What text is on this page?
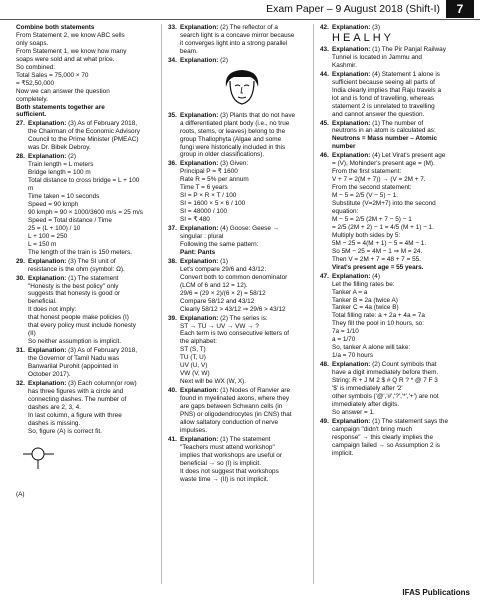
Exam Paper – 9 August 2018 (Shift-I)	7
Combine both statements
From Statement 2, we know ABC sells
only soaps.
From Statement 1, we know how many
soaps were sold and at what price.
So combined:
Total Sales = 75,000 × 70
= ₹52,50,000
Now we can answer the question
completely.
Both statements together are
sufficient.
27. Explanation: (3) As of February 2018,
the Chairman of the Economic Advisory
Council to the Prime Minister (PMEAC)
was Dr. Bibek Debroy.
28. Explanation: (2)
Train length = L meters
Bridge length = 100 m
Total distance to cross bridge = L + 100
m
Time taken = 10 seconds
Speed = 90 kmph
90 kmph = 90 × 1000/3600 m/s = 25 m/s
Speed = Total distance / Time
25 = (L + 100) / 10
L + 100 = 250
L = 150 m
The length of the train is 150 meters.
29. Explanation: (3) The SI unit of
resistance is the ohm (symbol: Ω).
30. Explanation: (1) The statement
"Honesty is the best policy" only
suggests that honesty is good or
beneficial.
It does not imply:
that honest people make policies (I)
that every policy must include honesty
(II)
So neither assumption is implicit.
31. Explanation: (3) As of February 2018,
the Governor of Tamil Nadu was
Banwarilal Purohit (appointed in
October 2017).
32. Explanation: (3) Each column(or row)
has three figures with a circle and
connecting dashes. The number of
dashes are 2, 3, 4.
In last column, a figure with three
dashes is missing.
So, figure (A) is correct fit.
(A)
33. Explanation: (2) The reflector of a
search light is a concave mirror because
it converges light into a strong parallel
beam.
34. Explanation: (2)
35. Explanation: (3) Plants that do not have
a differentiated plant body (i.e., no true
roots, stems, or leaves) belong to the
group Thallophyta (Algae and some
fungi were historically included in this
group in older classifications).
36. Explanation: (3) Given:
Principal P = ₹ 1600
Rate R = 5% per annum
Time T = 6 years
SI = P × R × T / 100
SI = 1600 × 5 × 6 / 100
SI = 48000 / 100
SI = ₹ 480
37. Explanation: (4) Goose: Geese →
singular : plural
Following the same pattern:
Pant: Pants
38. Explanation: (1)
Let's compare 29/6 and 43/12:
Convert both to common denominator
(LCM of 6 and 12 = 12).
29/6 = (29 × 2)/(6 × 2) = 58/12
Compare 58/12 and 43/12
Clearly 58/12 > 43/12 ⇒ 29/6 > 43/12
39. Explanation: (2) The series is:
ST → TU → UV → VW → ?
Each term is two consecutive letters of
the alphabet:
ST (S, T)
TU (T, U)
UV (U, V)
VW (V, W)
Next will be WX (W, X).
40. Explanation: (1) Nodes of Ranvier are
found in myelinated axons, where they
are gaps between Schwann cells (in
PNS) or oligodendrocytes (in CNS) that
allow saltatory conduction of nerve
impulses.
41. Explanation: (1) The statement
"Teachers must attend workshop"
implies that workshops are useful or
beneficial → so (I) is implicit.
It does not suggest that workshops
waste time → (II) is not implicit.
42. Explanation: (3)
HEALHY
43. Explanation: (1) The Pir Panjal Railway
Tunnel is located in Jammu and
Kashmir.
44. Explanation: (4) Statement 1 alone is
sufficient because seeing all parts of
India clearly implies that Raju travels a
lot and is fond of travelling, whereas
statement 2 is unrelated to travelling
and cannot answer the question.
45. Explanation: (1) The number of
neutrons in an atom is calculated as:
Neutrons = Mass number – Atomic
number
46. Explanation: (4) Let Virat's present age
= (V), Mohinder's present age = (M).
From the first statement:
V + 7 = 2(M + 7)) → (V = 2M + 7.
From the second statement:
M − 5 = 2/5 (V − 5) − 1.
Substitute (V=2M+7) into the second
equation:
M − 5 = 2/5 (2M + 7 − 5) − 1
= 2/5 (2M + 2) − 1 = 4/5 (M + 1) − 1.
Multiply both sides by 5:
5M − 25 = 4(M + 1) − 5 = 4M − 1.
So 5M − 25 = 4M − 1 ⇒ M = 24.
Then V = 2M + 7 = 48 + 7 = 55.
Virat's present age = 55 years.
47. Explanation: (4)
Let the filling rates be:
Tanker A = a
Tanker B = 2a (twice A)
Tanker C = 4a (twice B)
Total filling rate: a + 2a + 4a = 7a
They fill the pool in 10 hours, so:
7a = 1/10
a = 1/70
So, tanker A alone will take:
1/a = 70 hours
48. Explanation: (2) Count symbols that
have a digit immediately before them.
String: R + J M 2 $ # Q R ? * @ 7 F 3
'$' is immediately after '2'
other symbols ('@','#','?','*','+') are not
immediately after digits.
So answer = 1.
49. Explanation: (1) The statement says the
campaign "didn't bring much
response" → this clearly implies the
campaign failed → so Assumption 2 is
implicit.
IFAS Publications
